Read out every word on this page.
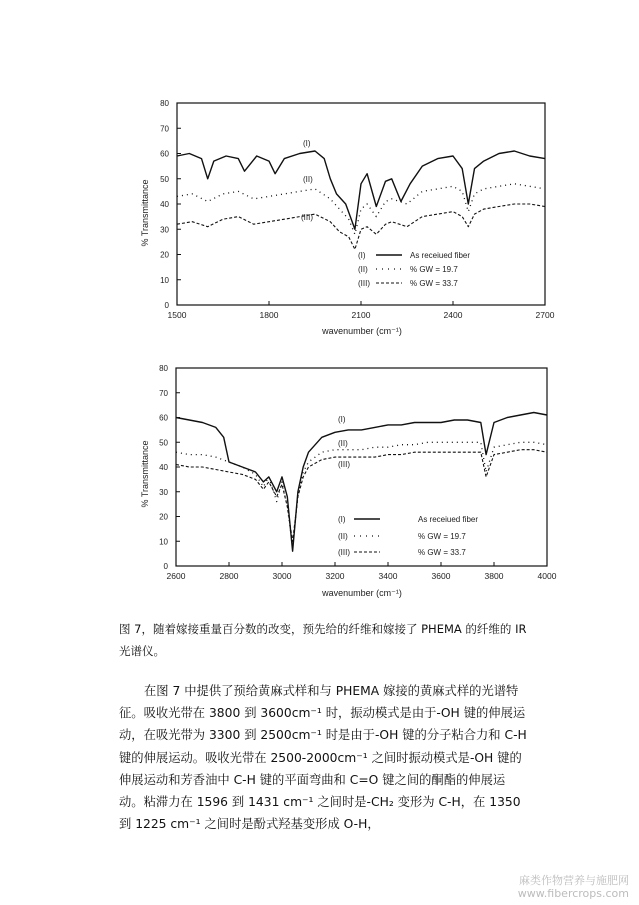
0
10
20
30
40
50
60
70
80
1500	1800	2100	2400	2700
% Transmittance
wavenumber (cm⁻¹)
(I)
(II)
(III)
(I)	As receiued fiber
(II)	% GW = 19.7
(III)	% GW = 33.7
0
10
20
30
40
50
60
70
80
2600	2800	3000	3200	3400	3600	3800	4000
% Transmittance
wavenumber (cm⁻¹)
(I)
(II)
(III)
(I)	As receiued fiber
(II)	% GW = 19.7
(III)	% GW = 33.7
图 7，随着嫁接重量百分数的改变，预先给的纤维和嫁接了 PHEMA 的纤维的 IR 光谱仪。

在图 7 中提供了预给黄麻式样和与 PHEMA 嫁接的黄麻式样的光谱特征。吸收光带在 3800 到 3600cm⁻¹ 时，振动模式是由于-OH 键的伸展运动，在吸光带为 3300 到 2500cm⁻¹ 时是由于-OH 键的分子粘合力和 C-H 键的伸展运动。吸收光带在 2500-2000cm⁻¹ 之间时振动模式是-OH 键的伸展运动和芳香油中 C-H 键的平面弯曲和 C=O 键之间的酮酯的伸展运动。粘滞力在 1596 到 1431 cm⁻¹ 之间时是-CH₂ 变形为 C-H，在 1350 到 1225 cm⁻¹ 之间时是酚式羟基变形成 O-H，

麻类作物营养与施肥网
www.fibercrops.com
